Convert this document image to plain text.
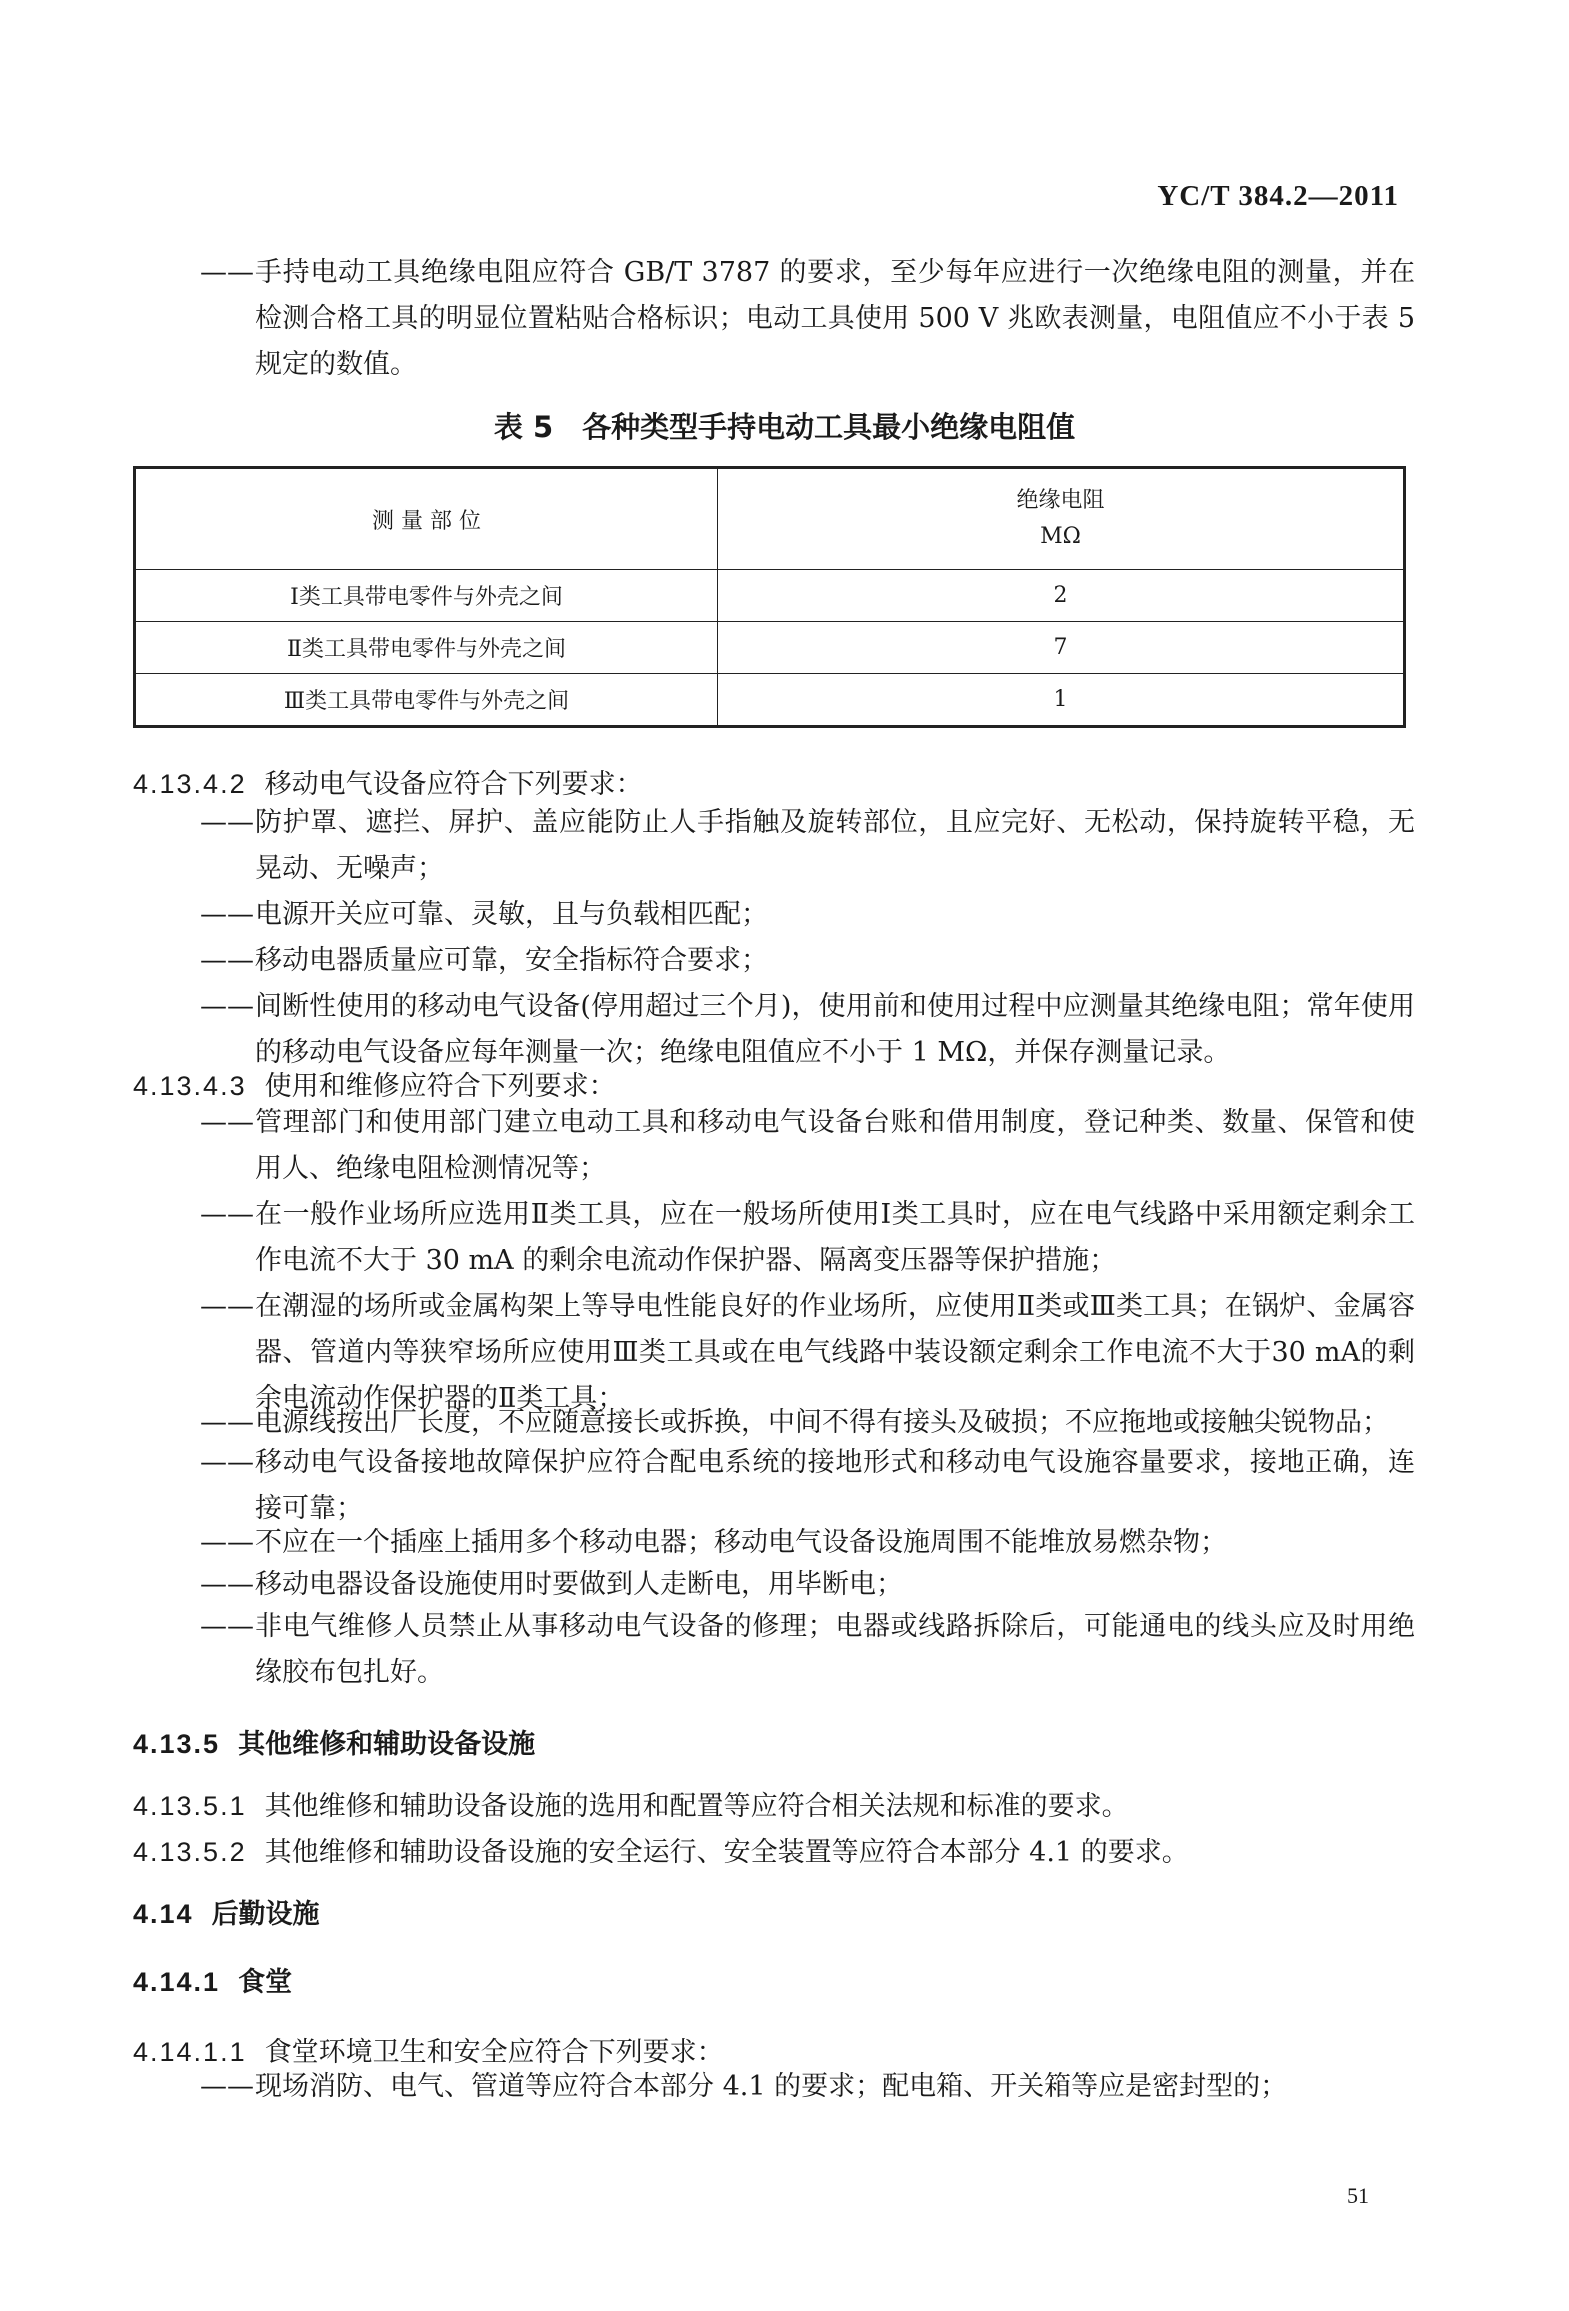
YC/T 384.2—2011
—— 手持电动工具绝缘电阻应符合 GB/T 3787 的要求，至少每年应进行一次绝缘电阻的测量，并在检测合格工具的明显位置粘贴合格标识；电动工具使用 500 V 兆欧表测量，电阻值应不小于表 5 规定的数值。
表 5　各种类型手持电动工具最小绝缘电阻值
测 量 部 位	绝缘电阻
MΩ

Ⅰ类工具带电零件与外壳之间	2
Ⅱ类工具带电零件与外壳之间	7
Ⅲ类工具带电零件与外壳之间	1
4.13.4.2 移动电气设备应符合下列要求：
—— 防护罩、遮拦、屏护、盖应能防止人手指触及旋转部位，且应完好、无松动，保持旋转平稳，无晃动、无噪声；
—— 电源开关应可靠、灵敏，且与负载相匹配；
—— 移动电器质量应可靠，安全指标符合要求；
—— 间断性使用的移动电气设备(停用超过三个月)，使用前和使用过程中应测量其绝缘电阻；常年使用的移动电气设备应每年测量一次；绝缘电阻值应不小于 1 MΩ，并保存测量记录。
4.13.4.3 使用和维修应符合下列要求：
—— 管理部门和使用部门建立电动工具和移动电气设备台账和借用制度，登记种类、数量、保管和使用人、绝缘电阻检测情况等；
—— 在一般作业场所应选用Ⅱ类工具，应在一般场所使用Ⅰ类工具时，应在电气线路中采用额定剩余工作电流不大于 30 mA 的剩余电流动作保护器、隔离变压器等保护措施；
—— 在潮湿的场所或金属构架上等导电性能良好的作业场所，应使用Ⅱ类或Ⅲ类工具；在锅炉、金属容器、管道内等狭窄场所应使用Ⅲ类工具或在电气线路中装设额定剩余工作电流不大于30 mA的剩余电流动作保护器的Ⅱ类工具；
—— 电源线按出厂长度，不应随意接长或拆换，中间不得有接头及破损；不应拖地或接触尖锐物品；
—— 移动电气设备接地故障保护应符合配电系统的接地形式和移动电气设施容量要求，接地正确，连接可靠；
—— 不应在一个插座上插用多个移动电器；移动电气设备设施周围不能堆放易燃杂物；
—— 移动电器设备设施使用时要做到人走断电，用毕断电；
—— 非电气维修人员禁止从事移动电气设备的修理；电器或线路拆除后，可能通电的线头应及时用绝缘胶布包扎好。
4.13.5 其他维修和辅助设备设施
4.13.5.1 其他维修和辅助设备设施的选用和配置等应符合相关法规和标准的要求。
4.13.5.2 其他维修和辅助设备设施的安全运行、安全装置等应符合本部分 4.1 的要求。
4.14 后勤设施
4.14.1 食堂
4.14.1.1 食堂环境卫生和安全应符合下列要求：
—— 现场消防、电气、管道等应符合本部分 4.1 的要求；配电箱、开关箱等应是密封型的；
51
